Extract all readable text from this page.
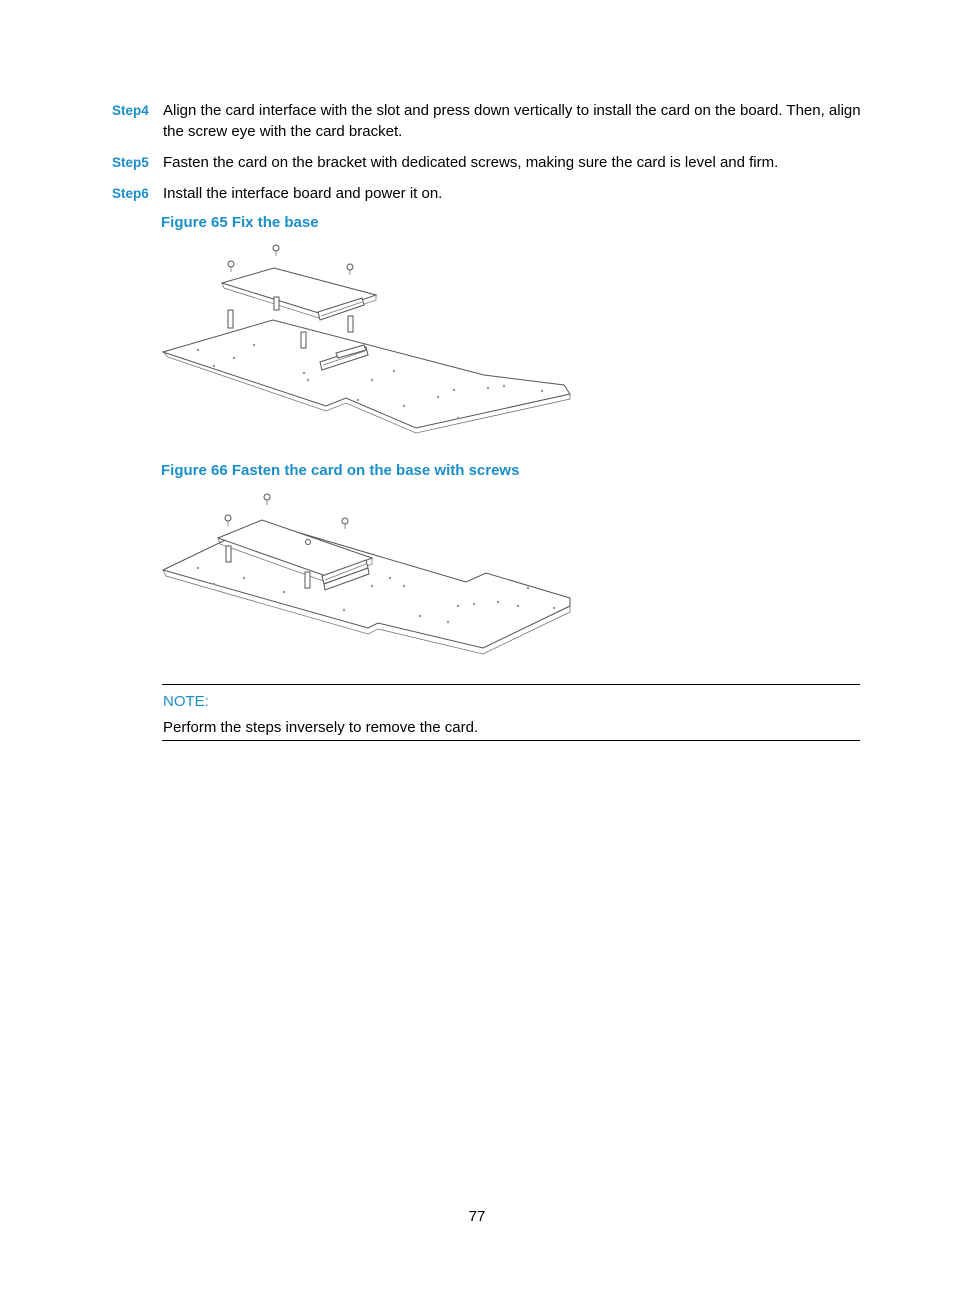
Step4 Align the card interface with the slot and press down vertically to install the card on the board. Then, align the screw eye with the card bracket.
Step5 Fasten the card on the bracket with dedicated screws, making sure the card is level and firm.
Step6 Install the interface board and power it on.
Figure 65 Fix the base
Figure 66 Fasten the card on the base with screws
NOTE:
Perform the steps inversely to remove the card.
77
